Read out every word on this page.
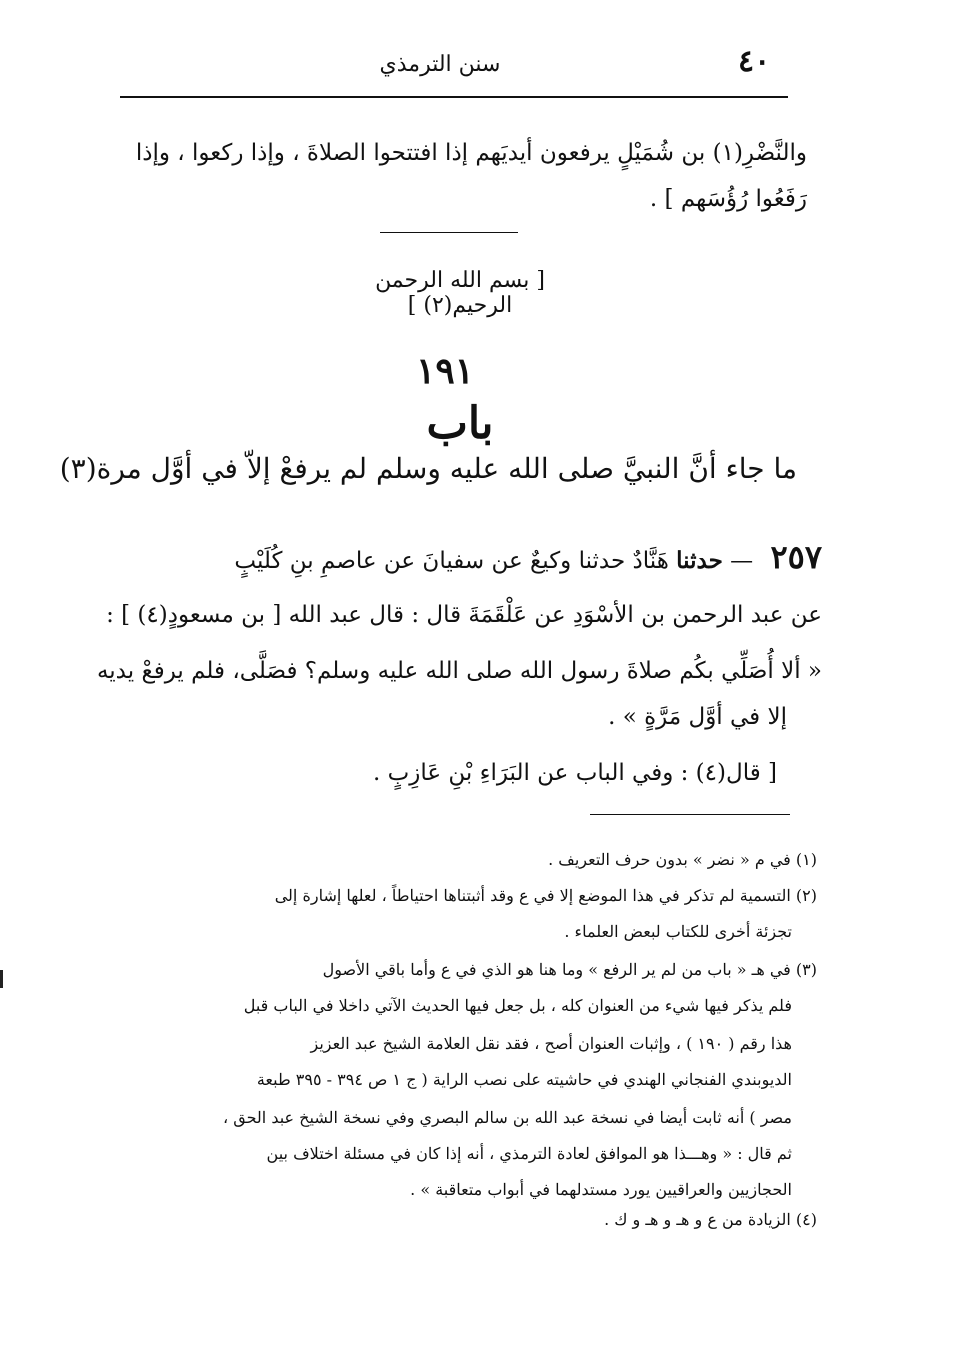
٤٠
سنن الترمذي
والنَّضْرِ(١) بن شُمَيْلٍ يرفعون أيديَهم إذا افتتحوا الصلاةَ ، وإذا ركعوا ، وإذا
رَفَعُوا رُؤُسَهم ] .
[ بسم الله الرحمن الرحيم(٢) ]
١٩١
باب
ما جاء أنَّ النبيَّ صلى الله عليه وسلم لم يرفعْ إلاّ في أوَّل مرة(٣)
٢٥٧ — حدثنا هَنَّادٌ حدثنا وكيعٌ عن سفيانَ عن عاصمِ بنِ كُلَيْبٍ
عن عبد الرحمن بن الأسْوَدِ عن عَلْقَمَةَ قال : قال عبد الله [ بن مسعودٍ(٤) ] :
« ألا أُصَلِّي بكُم صلاةَ رسول الله صلى الله عليه وسلم؟ فصَلَّى، فلم يرفعْ يديه
إلا في أوَّل مَرَّةٍ » .
[ قال(٤) : وفي الباب عن البَرَاءِ بْنِ عَازِبٍ .
(١) في م « نضر » بدون حرف التعريف .
(٢) التسمية لم تذكر في هذا الموضع إلا في ع وقد أثبتناها احتياطاً ، لعلها إشارة إلى
تجزئة أخرى للكتاب لبعض العلماء .
(٣) في هـ « باب من لم ير الرفع » وما هنا هو الذي في ع وأما باقي الأصول
فلم يذكر فيها شيء من العنوان كله ، بل جعل فيها الحديث الآتي داخلا في الباب قبل
هذا رقم ( ١٩٠ ) ، وإثبات العنوان أصح ، فقد نقل العلامة الشيخ عبد العزيز
الديوبندي الفنجاني الهندي في حاشيته على نصب الراية ( ج ١ ص ٣٩٤ - ٣٩٥ طبعة
مصر ) أنه ثابت أيضا في نسخة عبد الله بن سالم البصري وفي نسخة الشيخ عبد الحق ،
ثم قال : « وهـــذا هو الموافق لعادة الترمذي ، أنه إذا كان في مسئلة اختلاف بين
الحجازيين والعراقيين يورد مستدلهما في أبواب متعاقبة » .
(٤) الزيادة من ع و هـ و هـ و ك .
